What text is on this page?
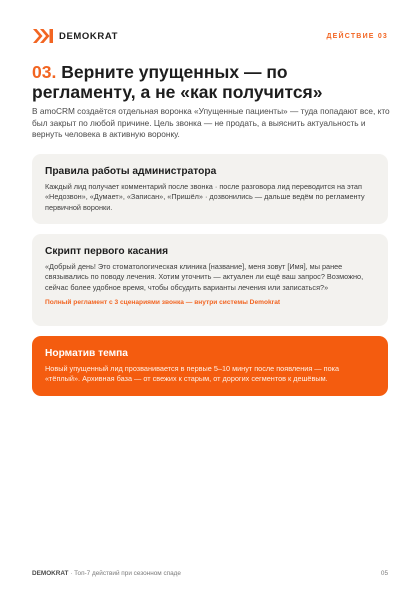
DEMOKRAT	ДЕЙСТВИЕ 03
03. Верните упущенных — по регламенту, а не «как получится»

В amoCRM создаётся отдельная воронка «Упущенные пациенты» — туда попадают все, кто был закрыт по любой причине. Цель звонка — не продать, а выяснить актуальность и вернуть человека в активную воронку.

Правила работы администратора

Каждый лид получает комментарий после звонка · после разговора лид переводится на этап «Недозвон», «Думает», «Записан», «Пришёл» · дозвонились — дальше ведём по регламенту первичной воронки.

Скрипт первого касания

«Добрый день! Это стоматологическая клиника [название], меня зовут [Имя], мы ранее связывались по поводу лечения. Хотим уточнить — актуален ли ещё ваш запрос? Возможно, сейчас более удобное время, чтобы обсудить варианты лечения или записаться?»

Полный регламент с 3 сценариями звонка — внутри системы Demokrat

Норматив темпа

Новый упущенный лид прозванивается в первые 5–10 минут после появления — пока «тёплый». Архивная база — от свежих к старым, от дорогих сегментов к дешёвым.

DEMOKRAT · Топ-7 действий при сезонном спаде	05
